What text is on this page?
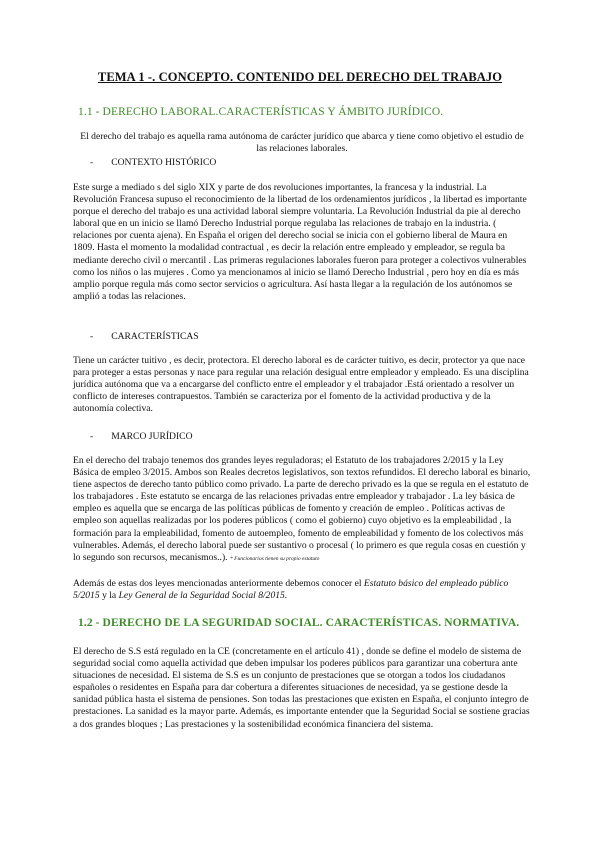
TEMA 1 -. CONCEPTO. CONTENIDO DEL DERECHO DEL TRABAJO
1.1 - DERECHO LABORAL.CARACTERÍSTICAS Y ÁMBITO JURÍDICO.

El derecho del trabajo es aquella rama autónoma de carácter jurídico que abarca y tiene como objetivo el estudio de las relaciones laborales.

- CONTEXTO HISTÓRICO

Este surge a mediado s del siglo XIX y parte de dos revoluciones importantes, la francesa y la industrial. La Revolución Francesa supuso el reconocimiento de la libertad de los ordenamientos jurídicos , la libertad es importante porque el derecho del trabajo es una actividad laboral siempre voluntaria. La Revolución Industrial da pie al derecho laboral que en un inicio se llamó Derecho Industrial porque regulaba las relaciones de trabajo en la industria. ( relaciones por cuenta ajena). En España el origen del derecho social se inicia con el gobierno liberal de Maura en 1809. Hasta el momento la modalidad contractual , es decir la relación entre empleado y empleador, se regula ba mediante derecho civil o mercantil . Las primeras regulaciones laborales fueron para proteger a colectivos vulnerables como los niños o las mujeres . Como ya mencionamos al inicio se llamó Derecho Industrial , pero hoy en día es más amplio porque regula más como sector servicios o agricultura. Así hasta llegar a la regulación de los autónomos se amplió a todas las relaciones.

- CARACTERÍSTICAS

Tiene un carácter tuitivo , es decir, protectora. El derecho laboral es de carácter tuitivo, es decir, protector ya que nace para proteger a estas personas y nace para regular una relación desigual entre empleador y empleado. Es una disciplina jurídica autónoma que va a encargarse del conflicto entre el empleador y el trabajador .Está orientado a resolver un conflicto de intereses contrapuestos. También se caracteriza por el fomento de la actividad productiva y de la autonomía colectiva.

- MARCO JURÍDICO

En el derecho del trabajo tenemos dos grandes leyes reguladoras; el Estatuto de los trabajadores 2/2015 y la Ley Básica de empleo 3/2015. Ambos son Reales decretos legislativos, son textos refundidos. El derecho laboral es binario, tiene aspectos de derecho tanto público como privado. La parte de derecho privado es la que se regula en el estatuto de los trabajadores . Este estatuto se encarga de las relaciones privadas entre empleador y trabajador . La ley básica de empleo es aquella que se encarga de las políticas públicas de fomento y creación de empleo . Políticas activas de empleo son aquellas realizadas por los poderes públicos ( como el gobierno) cuyo objetivo es la empleabilidad , la formación para la empleabilidad, fomento de autoempleo, fomento de empleabilidad y fomento de los colectivos más vulnerables. Además, el derecho laboral puede ser sustantivo o procesal ( lo primero es que regula cosas en cuestión y lo segundo son recursos, mecanismos..). * Funcionarios tienen su propio estatuto

Además de estas dos leyes mencionadas anteriormente debemos conocer el Estatuto básico del empleado público 5/2015 y la Ley General de la Seguridad Social 8/2015.

1.2 - DERECHO DE LA SEGURIDAD SOCIAL. CARACTERÍSTICAS. NORMATIVA.

El derecho de S.S está regulado en la CE (concretamente en el artículo 41) , donde se define el modelo de sistema de seguridad social como aquella actividad que deben impulsar los poderes públicos para garantizar una cobertura ante situaciones de necesidad. El sistema de S.S es un conjunto de prestaciones que se otorgan a todos los ciudadanos españoles o residentes en España para dar cobertura a diferentes situaciones de necesidad, ya se gestione desde la sanidad pública hasta el sistema de pensiones. Son todas las prestaciones que existen en España, el conjunto íntegro de prestaciones. La sanidad es la mayor parte. Además, es importante entender que la Seguridad Social se sostiene gracias a dos grandes bloques ; Las prestaciones y la sostenibilidad económica financiera del sistema.
